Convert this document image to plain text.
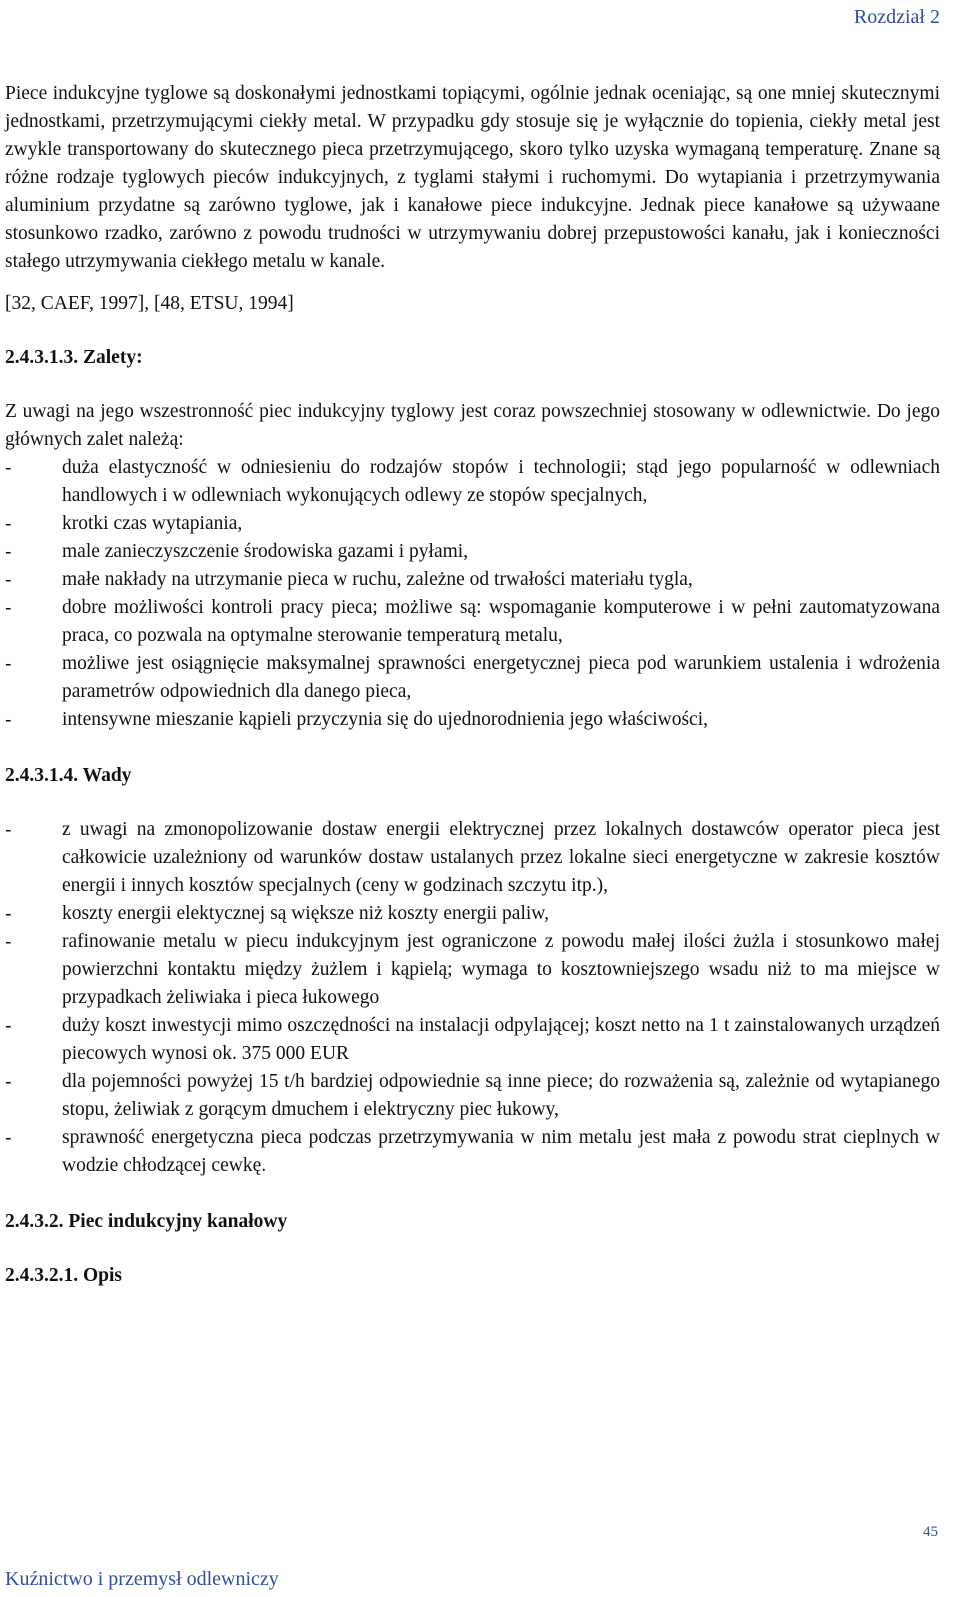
Rozdział 2

Piece indukcyjne tyglowe są doskonałymi jednostkami topiącymi, ogólnie jednak oceniając, są one mniej skutecznymi jednostkami, przetrzymującymi ciekły metal. W przypadku gdy stosuje się je wyłącznie do topienia, ciekły metal jest zwykle transportowany do skutecznego pieca przetrzymującego, skoro tylko uzyska wymaganą temperaturę. Znane są różne rodzaje tyglowych pieców indukcyjnych, z tyglami stałymi i ruchomymi. Do wytapiania i przetrzymywania aluminium przydatne są zarówno tyglowe, jak i kanałowe piece indukcyjne. Jednak piece kanałowe są używaane stosunkowo rzadko, zarówno z powodu trudności w utrzymywaniu dobrej przepustowości kanału, jak i konieczności stałego utrzymywania ciekłego metalu w kanale.

[32, CAEF, 1997], [48, ETSU, 1994]

2.4.3.1.3. Zalety:

Z uwagi na jego wszestronność piec indukcyjny tyglowy jest coraz powszechniej stosowany w odlewnictwie. Do jego głównych zalet należą:

-	duża elastyczność w odniesieniu do rodzajów stopów i technologii; stąd jego popularność w odlewniach handlowych i w odlewniach wykonujących odlewy ze stopów specjalnych,
-	krotki czas wytapiania,
-	male zanieczyszczenie środowiska gazami i pyłami,
-	małe nakłady na utrzymanie pieca w ruchu, zależne od trwałości materiału tygla,
-	dobre możliwości kontroli pracy pieca; możliwe są: wspomaganie komputerowe i w pełni zautomatyzowana praca, co pozwala na optymalne sterowanie temperaturą metalu,
-	możliwe jest osiągnięcie maksymalnej sprawności energetycznej pieca pod warunkiem ustalenia i wdrożenia parametrów odpowiednich dla danego pieca,
-	intensywne mieszanie kąpieli przyczynia się do ujednorodnienia jego właściwości,
2.4.3.1.4. Wady
-	z uwagi na zmonopolizowanie dostaw energii elektrycznej przez lokalnych dostawców operator pieca jest całkowicie uzależniony od warunków dostaw ustalanych przez lokalne sieci energetyczne w zakresie kosztów energii i innych kosztów specjalnych (ceny w godzinach szczytu itp.),
-	koszty energii elektycznej są większe niż koszty energii paliw,
-	rafinowanie metalu w piecu indukcyjnym jest ograniczone z powodu małej ilości żużla i stosunkowo małej powierzchni kontaktu między żużlem i kąpielą; wymaga to kosztowniejszego wsadu niż to ma miejsce w przypadkach żeliwiaka i pieca łukowego
-	duży koszt inwestycji mimo oszczędności na instalacji odpylającej; koszt netto na 1 t zainstalowanych urządzeń piecowych wynosi ok. 375 000 EUR
-	dla pojemności powyżej 15 t/h bardziej odpowiednie są inne piece; do rozważenia są, zależnie od wytapianego stopu, żeliwiak z gorącym dmuchem i elektryczny piec łukowy,
-	sprawność energetyczna pieca podczas przetrzymywania w nim metalu jest mała z powodu strat cieplnych w wodzie chłodzącej cewkę.
2.4.3.2. Piec indukcyjny kanałowy
2.4.3.2.1. Opis
45
Kuźnictwo i przemysł odlewniczy
